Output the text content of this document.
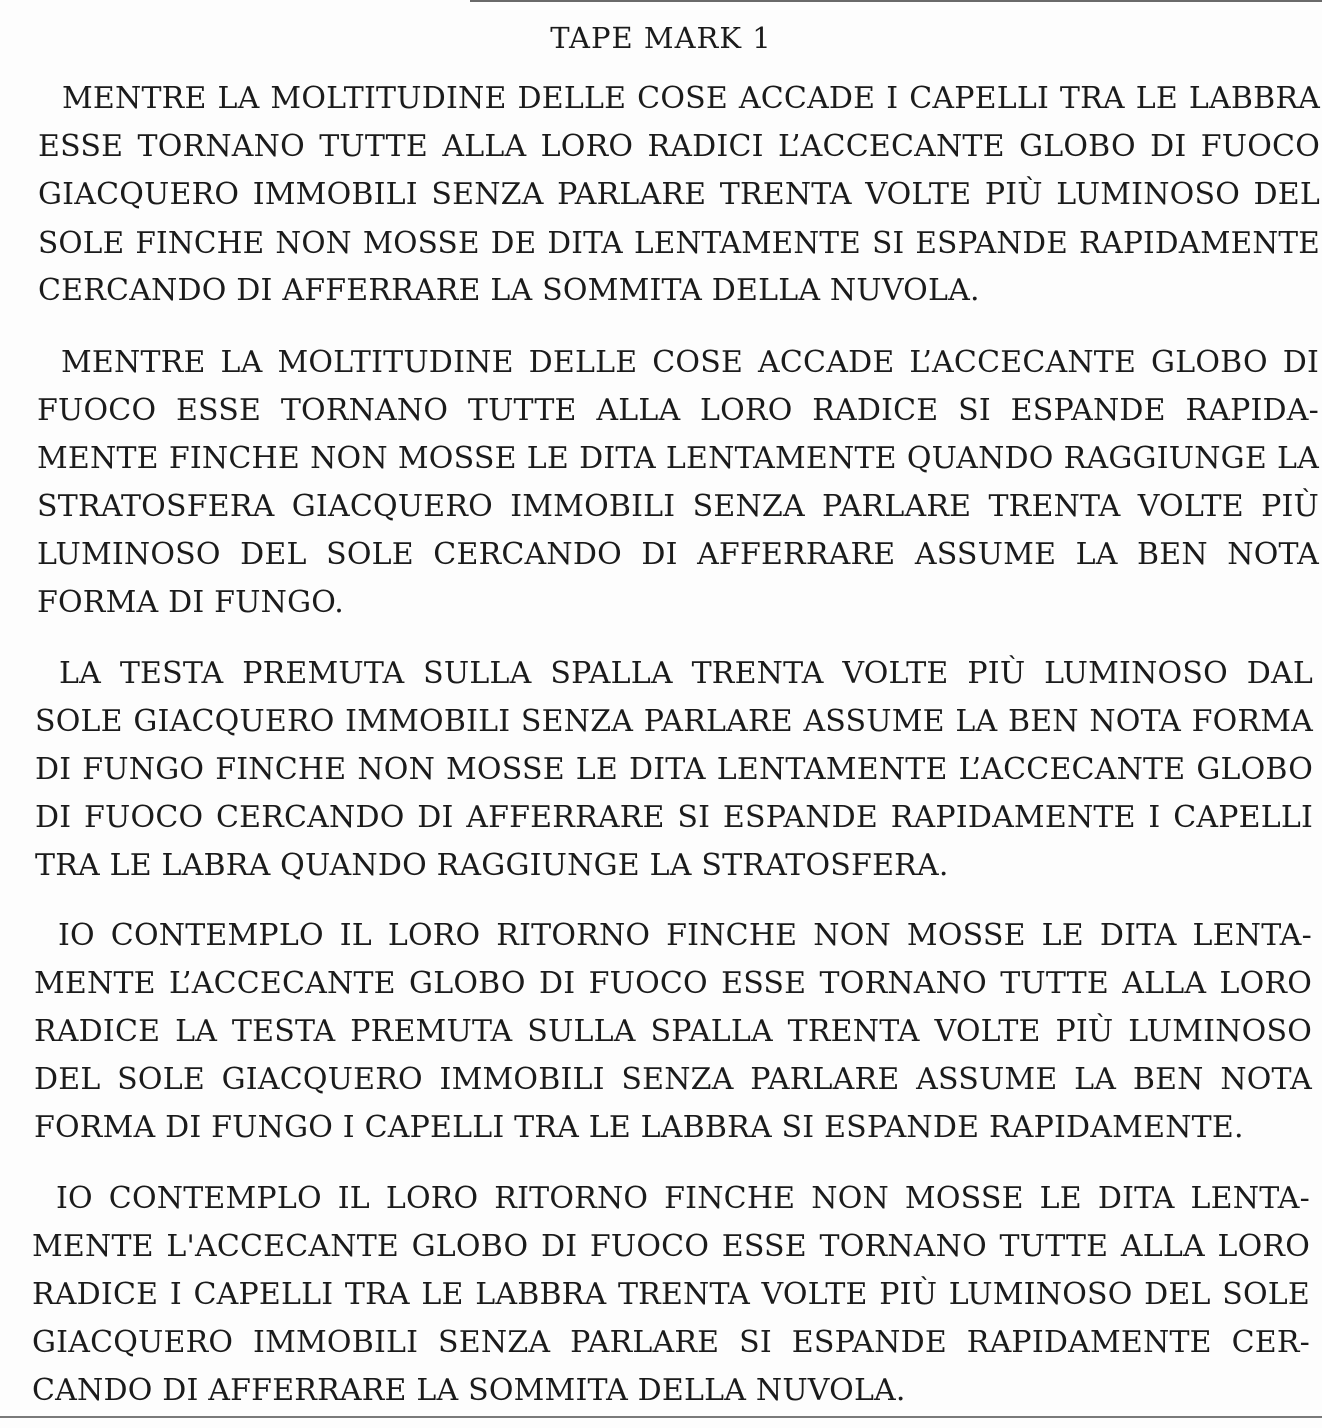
TAPE MARK 1
MENTRE LA MOLTITUDINE DELLE COSE ACCADE I CAPELLI TRA LE LABBRA
ESSE TORNANO TUTTE ALLA LORO RADICI L’ACCECANTE GLOBO DI FUOCO
GIACQUERO IMMOBILI SENZA PARLARE TRENTA VOLTE PIÙ LUMINOSO DEL
SOLE FINCHE NON MOSSE DE DITA LENTAMENTE SI ESPANDE RAPIDAMENTE
CERCANDO DI AFFERRARE LA SOMMITA DELLA NUVOLA.
MENTRE LA MOLTITUDINE DELLE COSE ACCADE L’ACCECANTE GLOBO DI
FUOCO ESSE TORNANO TUTTE ALLA LORO RADICE SI ESPANDE RAPIDA-
MENTE FINCHE NON MOSSE LE DITA LENTAMENTE QUANDO RAGGIUNGE LA
STRATOSFERA GIACQUERO IMMOBILI SENZA PARLARE TRENTA VOLTE PIÙ
LUMINOSO DEL SOLE CERCANDO DI AFFERRARE ASSUME LA BEN NOTA
FORMA DI FUNGO.
LA TESTA PREMUTA SULLA SPALLA TRENTA VOLTE PIÙ LUMINOSO DAL
SOLE GIACQUERO IMMOBILI SENZA PARLARE ASSUME LA BEN NOTA FORMA
DI FUNGO FINCHE NON MOSSE LE DITA LENTAMENTE L’ACCECANTE GLOBO
DI FUOCO CERCANDO DI AFFERRARE SI ESPANDE RAPIDAMENTE I CAPELLI
TRA LE LABRA QUANDO RAGGIUNGE LA STRATOSFERA.
IO CONTEMPLO IL LORO RITORNO FINCHE NON MOSSE LE DITA LENTA-
MENTE L’ACCECANTE GLOBO DI FUOCO ESSE TORNANO TUTTE ALLA LORO
RADICE LA TESTA PREMUTA SULLA SPALLA TRENTA VOLTE PIÙ LUMINOSO
DEL SOLE GIACQUERO IMMOBILI SENZA PARLARE ASSUME LA BEN NOTA
FORMA DI FUNGO I CAPELLI TRA LE LABBRA SI ESPANDE RAPIDAMENTE.
IO CONTEMPLO IL LORO RITORNO FINCHE NON MOSSE LE DITA LENTA-
MENTE L'ACCECANTE GLOBO DI FUOCO ESSE TORNANO TUTTE ALLA LORO
RADICE I CAPELLI TRA LE LABBRA TRENTA VOLTE PIÙ LUMINOSO DEL SOLE
GIACQUERO IMMOBILI SENZA PARLARE SI ESPANDE RAPIDAMENTE CER-
CANDO DI AFFERRARE LA SOMMITA DELLA NUVOLA.
